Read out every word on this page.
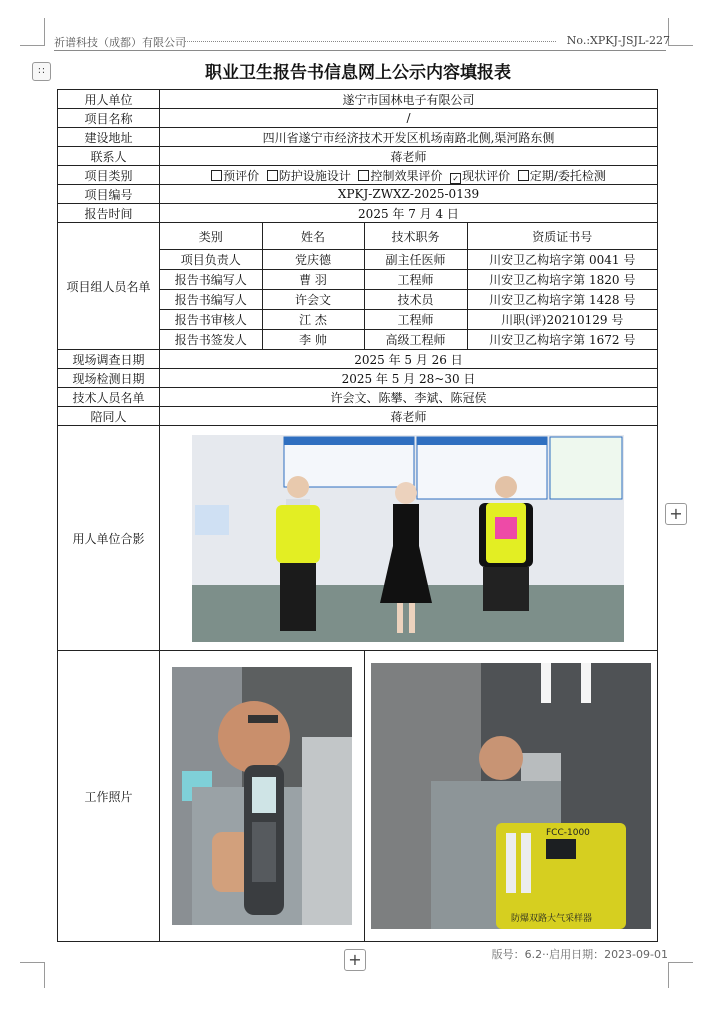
祈谱科技（成都）有限公司	No.:XPKJ-JSJL-227
∷	职业卫生报告书信息网上公示内容填报表
用人单位	遂宁市国林电子有限公司
项目名称	/
建设地址	四川省遂宁市经济技术开发区机场南路北侧,渠河路东侧
联系人	蒋老师
项目类别	预评价 防护设施设计 控制效果评价 ✓ 现状评价 定期/委托检测
项目编号	XPKJ-ZWXZ-2025-0139
报告时间	2025 年 7 月 4 日
项目组人员名单	
类别	姓名	技术职务	资质证书号
项目负责人	党庆德	副主任医师	川安卫乙构培字第 0041 号
报告书编写人	曹 羽	工程师	川安卫乙构培字第 1820 号
报告书编写人	许会文	技术员	川安卫乙构培字第 1428 号
报告书审核人	江 杰	工程师	川职(评)20210129 号
报告书签发人	李 帅	高级工程师	川安卫乙构培字第 1672 号

现场调查日期	2025 年 5 月 26 日
现场检测日期	2025 年 5 月 28~30 日
技术人员名单	许会文、陈攀、李斌、陈冠侯
陪同人	蒋老师
用人单位合影	

工作照片	
FCC-1000
防爆双路大气采样器
+
+	版号：6.2··启用日期：2023-09-01
